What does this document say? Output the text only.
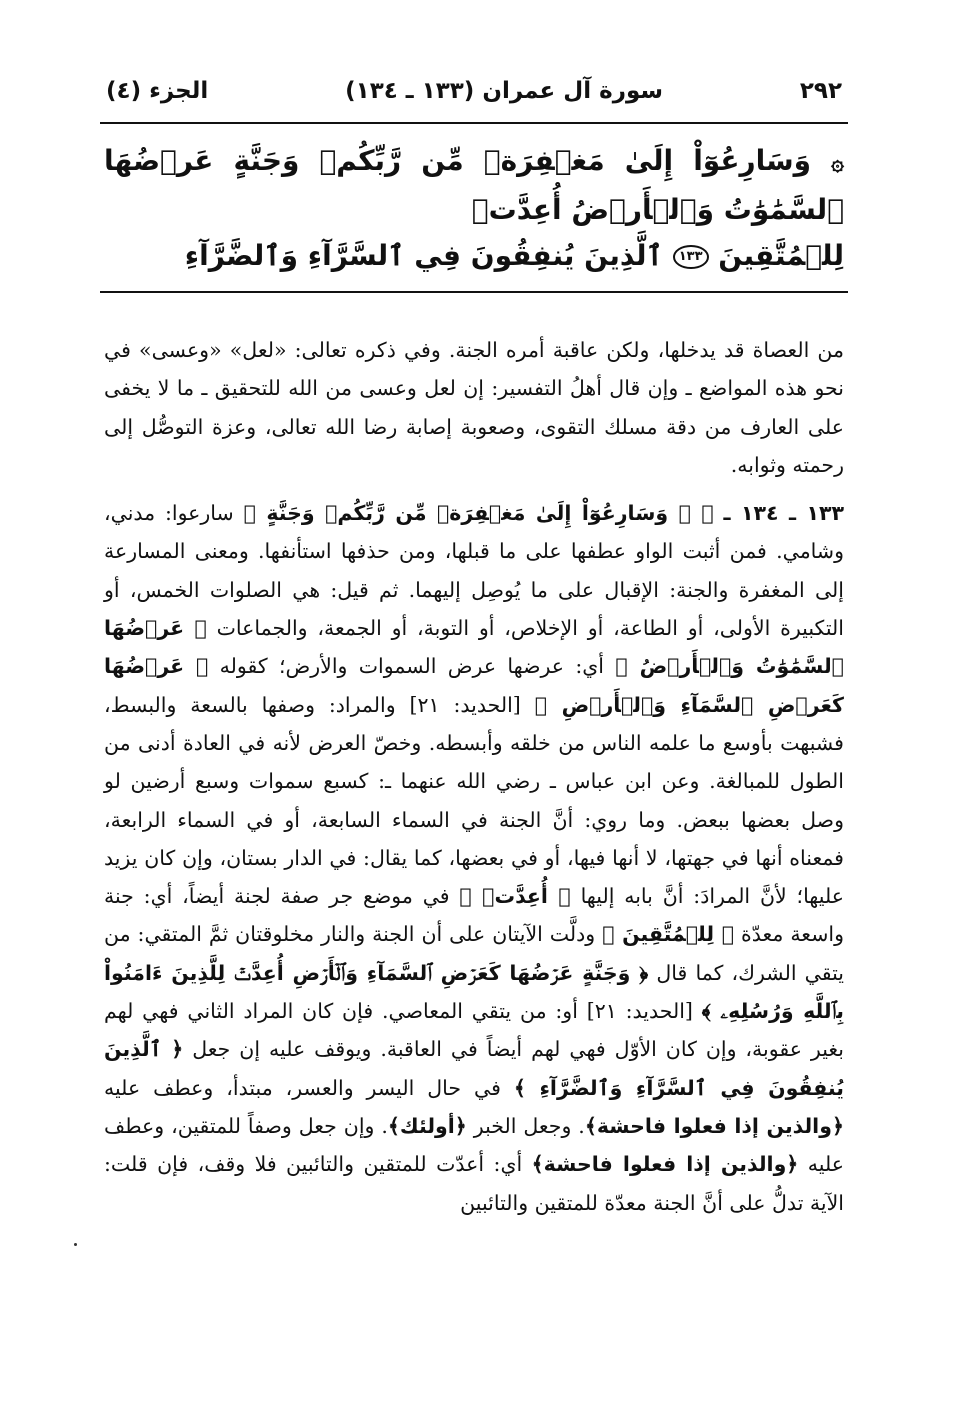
٢٩٢
سورة آل عمران (١٣٣ ـ ١٣٤)
الجزء (٤)
۞ وَسَارِعُوٓاْ إِلَىٰ مَغۡفِرَةٖ مِّن رَّبِّكُمۡ وَجَنَّةٍ عَرۡضُهَا ٱلسَّمَٰوَٰتُ وَٱلۡأَرۡضُ أُعِدَّتۡ
لِلۡمُتَّقِينَ ١٣٣ ٱلَّذِينَ يُنفِقُونَ فِي ٱلسَّرَّآءِ وَٱلضَّرَّآءِ

من العصاة قد يدخلها، ولكن عاقبة أمره الجنة. وفي ذكره تعالى: «لعل» «وعسى» في نحو هذه المواضع ـ وإن قال أهلُ التفسير: إن لعل وعسى من الله للتحقيق ـ ما لا يخفى على العارف من دقة مسلك التقوى، وصعوبة إصابة رضا الله تعالى، وعزة التوصُّل إلى رحمته وثوابه.

١٣٣ ـ ١٣٤ ـ ﴿ ۞ وَسَارِعُوٓاْ إِلَىٰ مَغۡفِرَةٖ مِّن رَّبِّكُمۡ وَجَنَّةٍ ﴾ سارعوا: مدني، وشامي. فمن أثبت الواو عطفها على ما قبلها، ومن حذفها استأنفها. ومعنى المسارعة إلى المغفرة والجنة: الإقبال على ما يُوصِل إليهما. ثم قيل: هي الصلوات الخمس، أو التكبيرة الأولى، أو الطاعة، أو الإخلاص، أو التوبة، أو الجمعة، والجماعات ﴿ عَرۡضُهَا ٱلسَّمَٰوَٰتُ وَٱلۡأَرۡضُ ﴾ أي: عرضها عرض السموات والأرض؛ كقوله ﴿ عَرۡضُهَا كَعَرۡضِ ٱلسَّمَآءِ وَٱلۡأَرۡضِ ﴾ [الحديد: ٢١] والمراد: وصفها بالسعة والبسط، فشبهت بأوسع ما علمه الناس من خلقه وأبسطه. وخصّ العرض لأنه في العادة أدنى من الطول للمبالغة. وعن ابن عباس ـ رضي الله عنهما ـ: كسبع سموات وسبع أرضين لو وصل بعضها ببعض. وما روي: أنَّ الجنة في السماء السابعة، أو في السماء الرابعة، فمعناه أنها في جهتها، لا أنها فيها، أو في بعضها، كما يقال: في الدار بستان، وإن كان يزيد عليها؛ لأنَّ المرادَ: أنَّ بابه إليها ﴿ أُعِدَّتۡ ﴾ في موضع جر صفة لجنة أيضاً، أي: جنة واسعة معدّة ﴿ لِلۡمُتَّقِينَ ﴾ ودلَّت الآيتان على أن الجنة والنار مخلوقتان ثمَّ المتقي: من يتقي الشرك، كما قال ﴿ وَجَنَّةٍ عَرۡضُهَا كَعَرۡضِ ٱلسَّمَآءِ وَٱلۡأَرۡضِ أُعِدَّتۡ لِلَّذِينَ ءَامَنُواْ بِٱللَّهِ وَرُسُلِهِۦ ﴾ [الحديد: ٢١] أو: من يتقي المعاصي. فإن كان المراد الثاني فهي لهم بغير عقوبة، وإن كان الأوّل فهي لهم أيضاً في العاقبة. ويوقف عليه إن جعل ﴿ ٱلَّذِينَ يُنفِقُونَ فِي ٱلسَّرَّآءِ وَٱلضَّرَّآءِ ﴾ في حال اليسر والعسر، مبتدأ، وعطف عليه ﴿والذين إذا فعلوا فاحشة﴾. وجعل الخبر ﴿أولئك﴾. وإن جعل وصفاً للمتقين، وعطف عليه ﴿والذين إذا فعلوا فاحشة﴾ أي: أعدّت للمتقين والتائبين فلا وقف، فإن قلت: الآية تدلُّ على أنَّ الجنة معدّة للمتقين والتائبين
